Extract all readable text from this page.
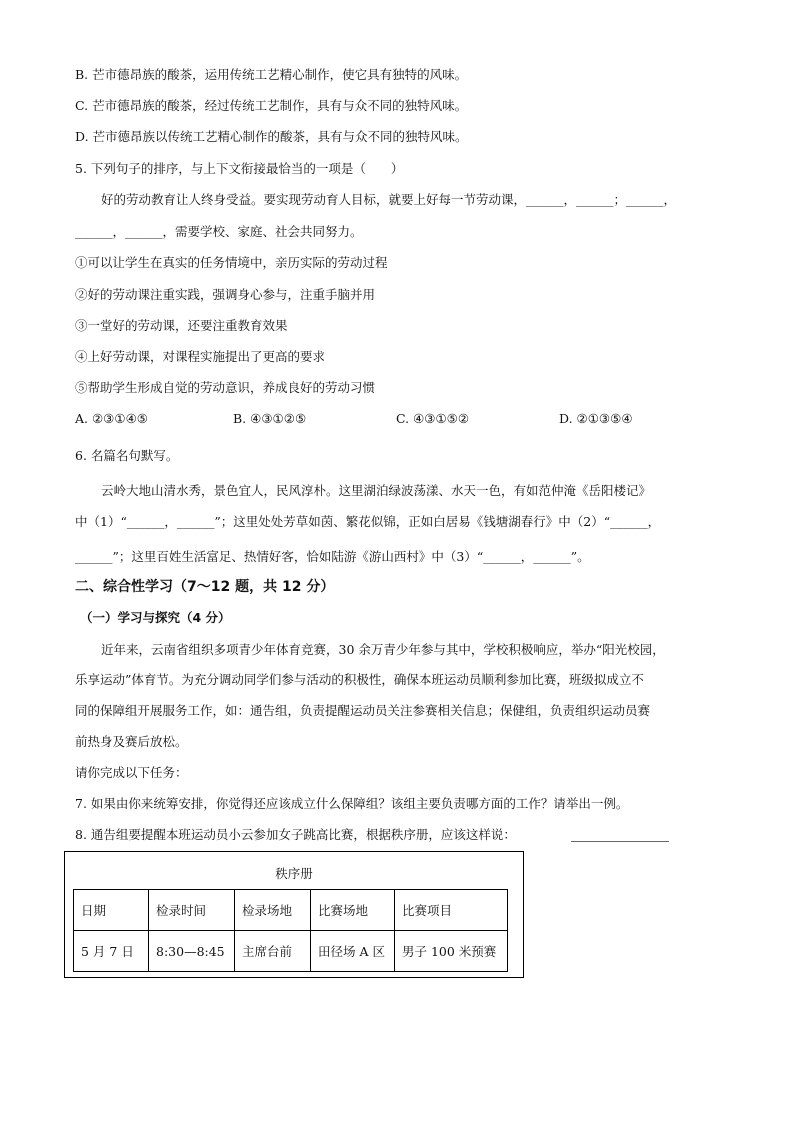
B. 芒市德昂族的酸茶，运用传统工艺精心制作，使它具有独特的风味。
C. 芒市德昂族的酸茶，经过传统工艺制作，具有与众不同的独特风味。
D. 芒市德昂族以传统工艺精心制作的酸茶，具有与众不同的独特风味。
5. 下列句子的排序，与上下文衔接最恰当的一项是（　　）
好的劳动教育让人终身受益。要实现劳动育人目标，就要上好每一节劳动课，______，______；______，
______，______，需要学校、家庭、社会共同努力。
①可以让学生在真实的任务情境中，亲历实际的劳动过程
②好的劳动课注重实践，强调身心参与，注重手脑并用
③一堂好的劳动课，还要注重教育效果
④上好劳动课，对课程实施提出了更高的要求
⑤帮助学生形成自觉的劳动意识，养成良好的劳动习惯
A. ②③①④⑤	B. ④③①②⑤	C. ④③①⑤②	D. ②①③⑤④
6. 名篇名句默写。
云岭大地山清水秀，景色宜人，民风淳朴。这里湖泊绿波荡漾、水天一色，有如范仲淹《岳阳楼记》
中（1）“______，______”；这里处处芳草如茵、繁花似锦，正如白居易《钱塘湖春行》中（2）“______，
______”；这里百姓生活富足、热情好客，恰如陆游《游山西村》中（3）“______，______”。
二、综合性学习（7～12 题，共 12 分）
（一）学习与探究（4 分）
近年来，云南省组织多项青少年体育竞赛，30 余万青少年参与其中，学校积极响应，举办“阳光校园，
乐享运动”体育节。为充分调动同学们参与活动的积极性，确保本班运动员顺利参加比赛，班级拟成立不
同的保障组开展服务工作，如：通告组，负责提醒运动员关注参赛相关信息；保健组，负责组织运动员赛
前热身及赛后放松。
请你完成以下任务：
7. 如果由你来统筹安排，你觉得还应该成立什么保障组？该组主要负责哪方面的工作？请举出一例。
8. 通告组要提醒本班运动员小云参加女子跳高比赛，根据秩序册，应该这样说：
秩序册
日期	检录时间	检录场地	比赛场地	比赛项目
5 月 7 日	8:30—8:45	主席台前	田径场 A 区	男子 100 米预赛
